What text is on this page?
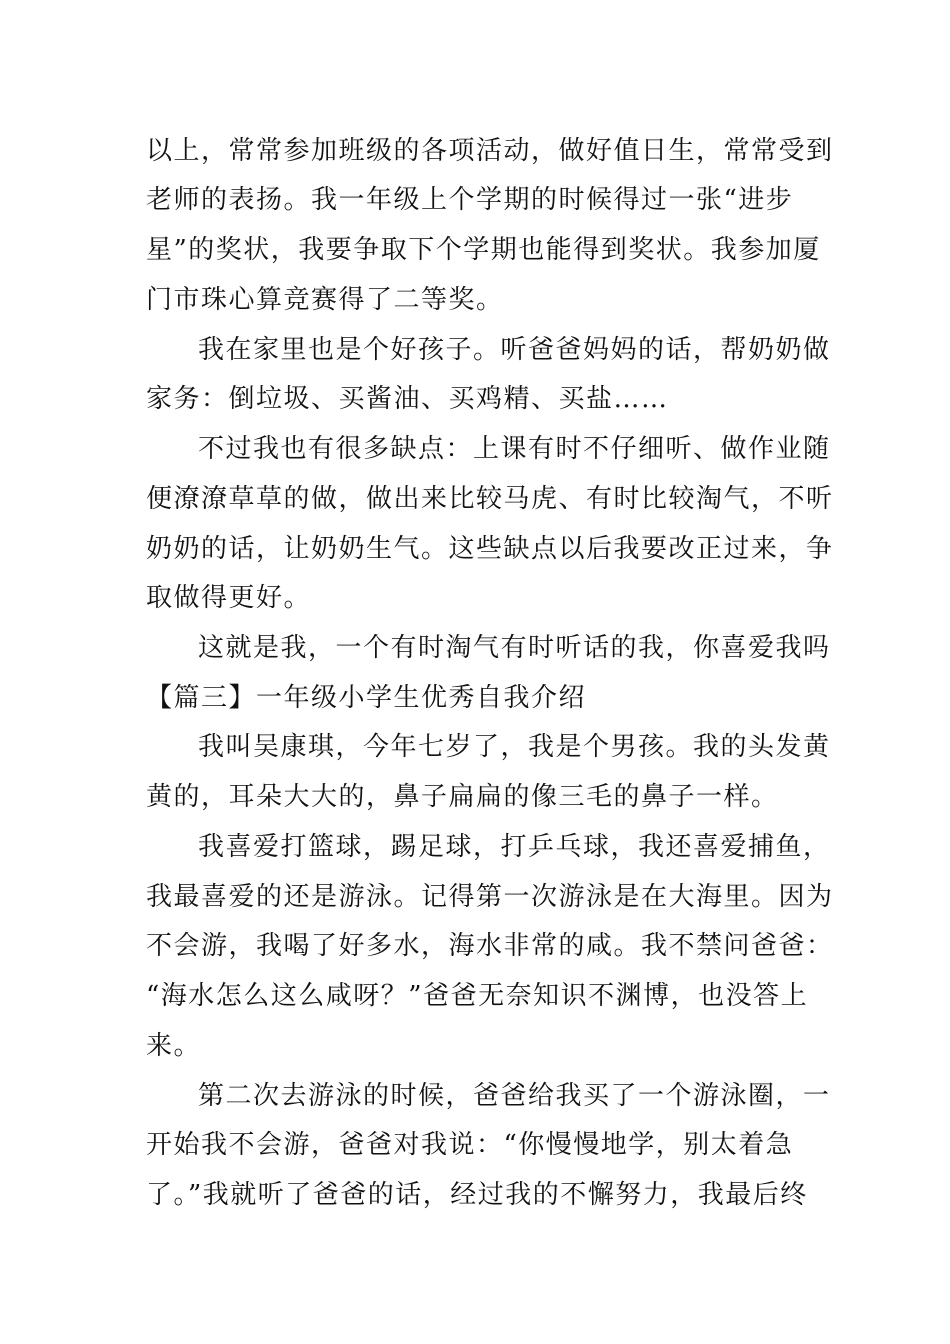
以上，常常参加班级的各项活动，做好值日生，常常受到
老师的表扬。我一年级上个学期的时候得过一张“进步
星”的奖状，我要争取下个学期也能得到奖状。我参加厦
门市珠心算竞赛得了二等奖。
我在家里也是个好孩子。听爸爸妈妈的话，帮奶奶做
家务：倒垃圾、买酱油、买鸡精、买盐……
不过我也有很多缺点：上课有时不仔细听、做作业随
便潦潦草草的做，做出来比较马虎、有时比较淘气，不听
奶奶的话，让奶奶生气。这些缺点以后我要改正过来，争
取做得更好。
这就是我，一个有时淘气有时听话的我，你喜爱我吗
【篇三】一年级小学生优秀自我介绍
我叫吴康琪，今年七岁了，我是个男孩。我的头发黄
黄的，耳朵大大的，鼻子扁扁的像三毛的鼻子一样。
我喜爱打篮球，踢足球，打乒乓球，我还喜爱捕鱼，
我最喜爱的还是游泳。记得第一次游泳是在大海里。因为
不会游，我喝了好多水，海水非常的咸。我不禁问爸爸：
“海水怎么这么咸呀？”爸爸无奈知识不渊博，也没答上
来。
第二次去游泳的时候，爸爸给我买了一个游泳圈，一
开始我不会游，爸爸对我说：“你慢慢地学，别太着急
了。”我就听了爸爸的话，经过我的不懈努力，我最后终
